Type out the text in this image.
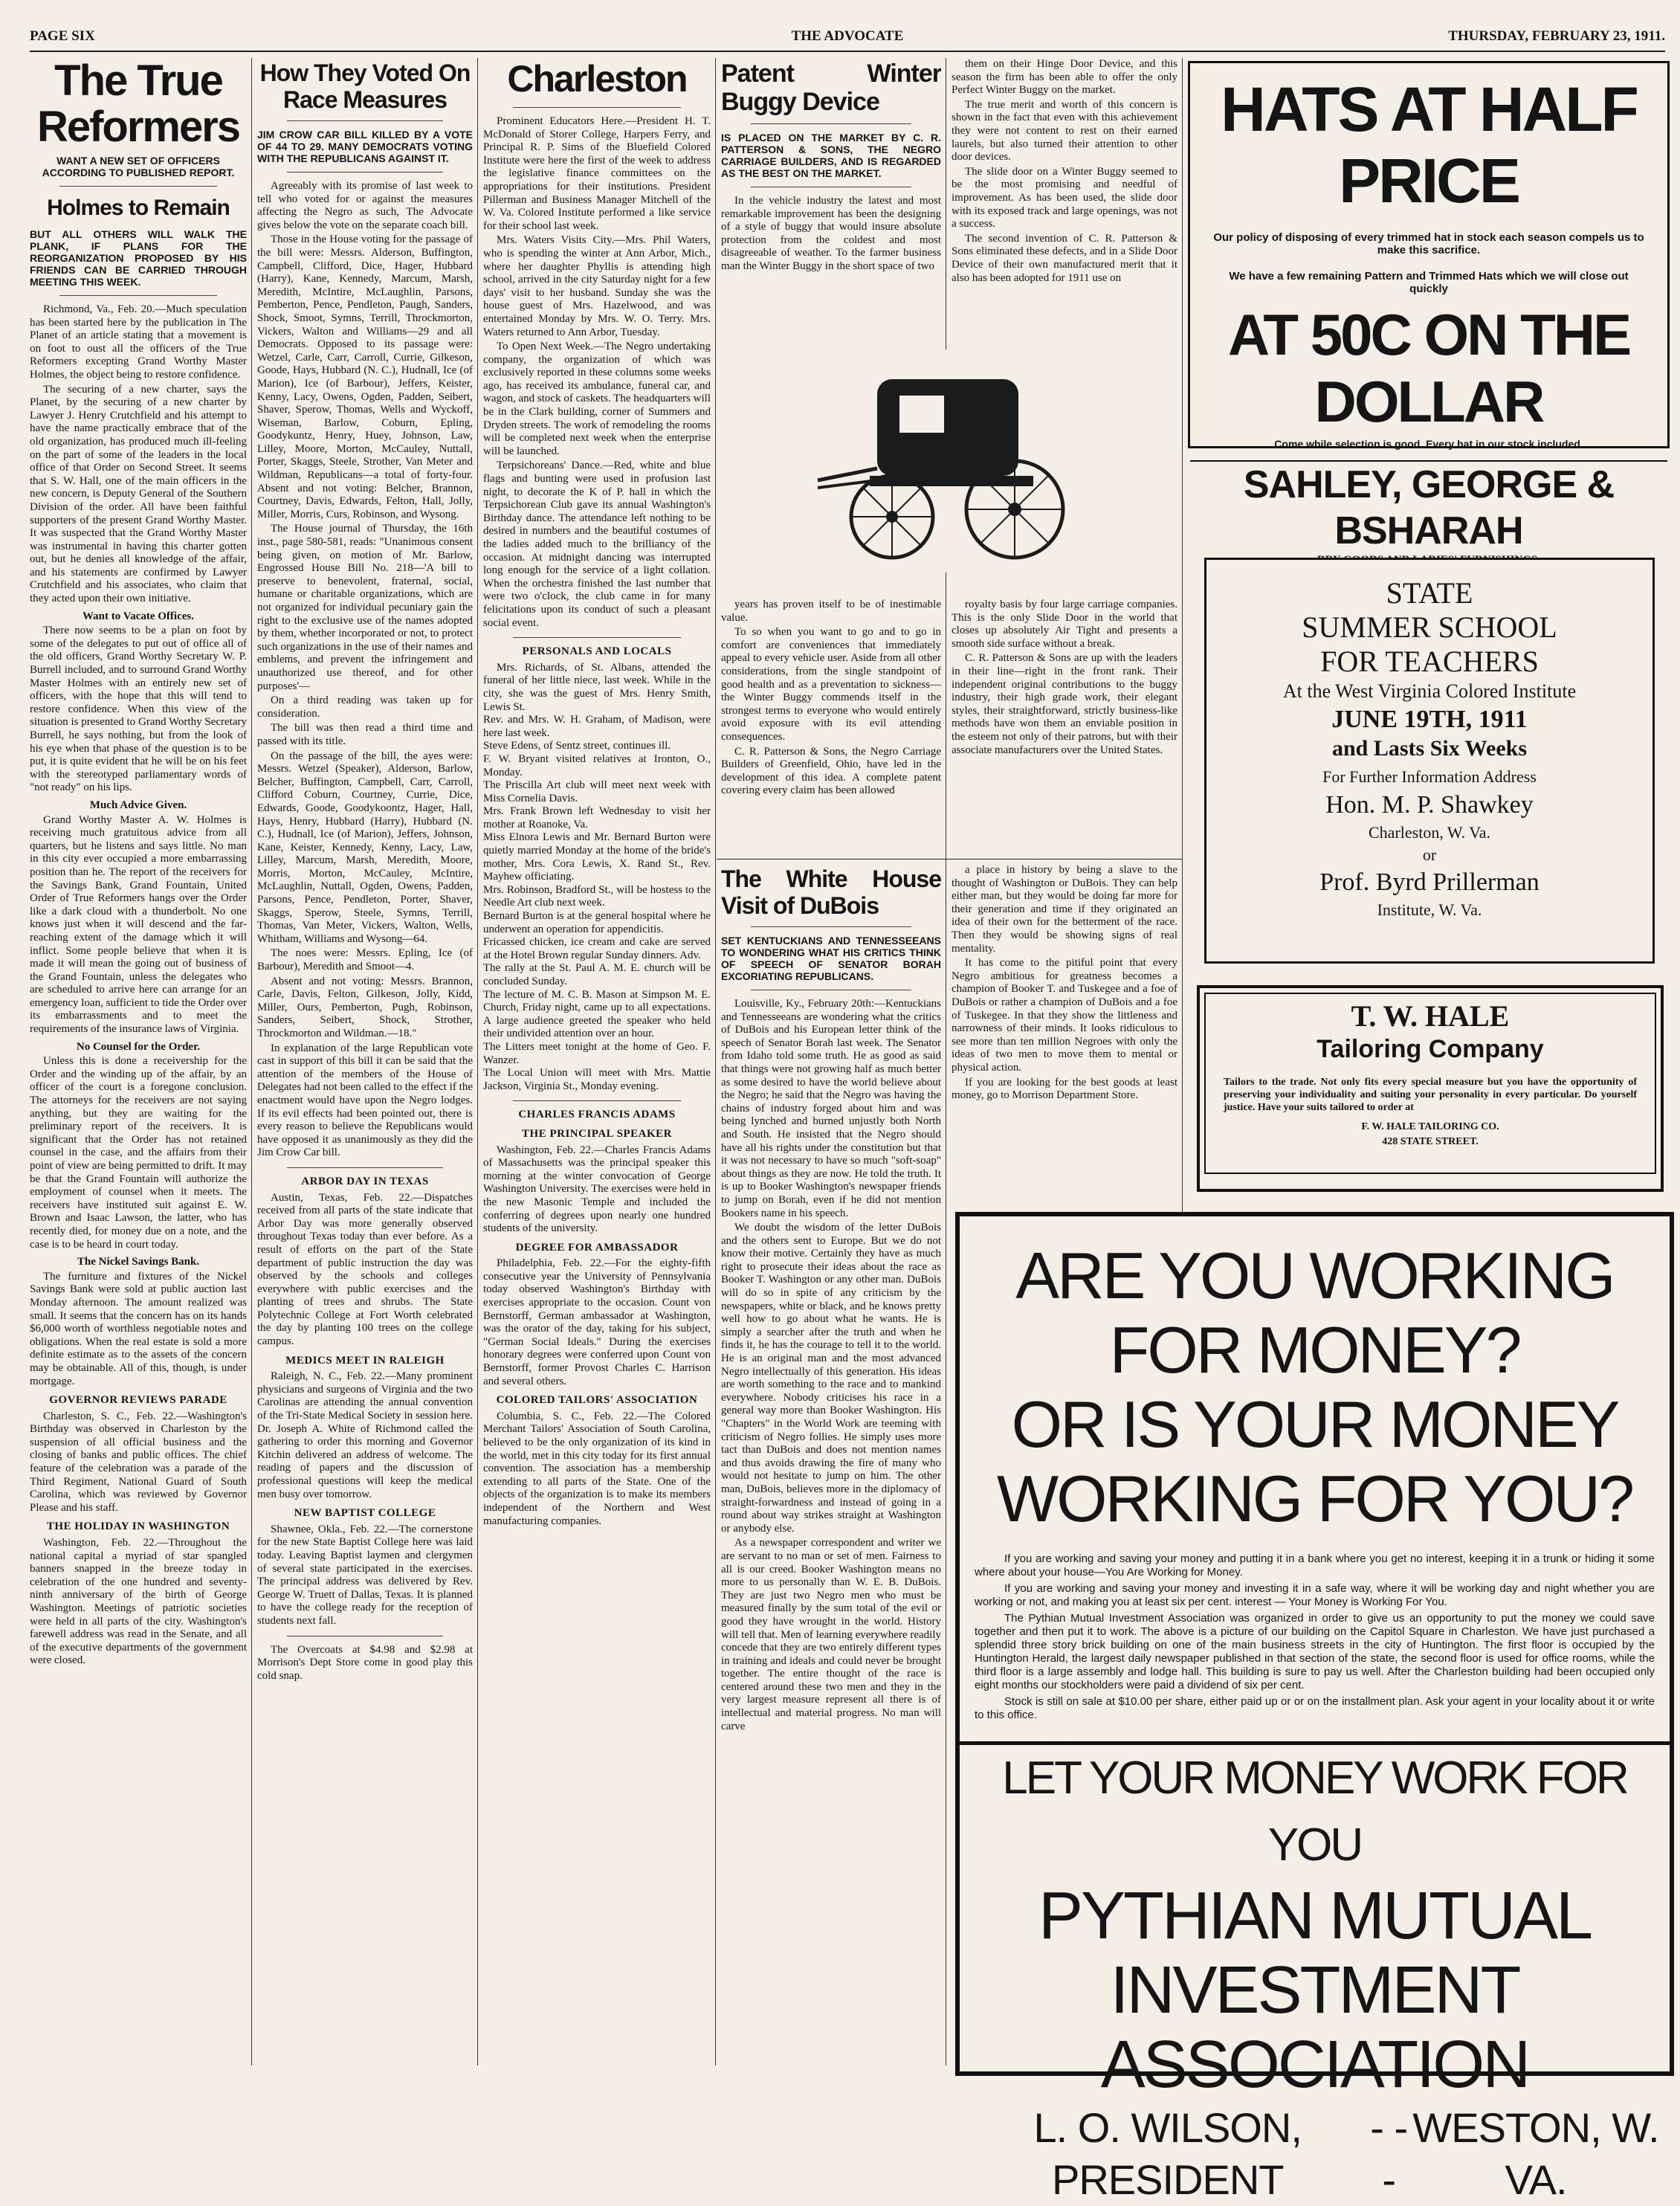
PAGE SIX	THE ADVOCATE	THURSDAY, FEBRUARY 23, 1911.
The True Reformers
WANT A NEW SET OF OFFICERS ACCORDING TO PUBLISHED REPORT.
Holmes to Remain
BUT ALL OTHERS WILL WALK THE PLANK, IF PLANS FOR THE REORGANIZATION PROPOSED BY HIS FRIENDS CAN BE CARRIED THROUGH MEETING THIS WEEK.

Richmond, Va., Feb. 20.—Much speculation has been started here by the publication in The Planet of an article stating that a movement is on foot to oust all the officers of the True Reformers excepting Grand Worthy Master Holmes, the object being to restore confidence.

The securing of a new charter, says the Planet, by the securing of a new charter by Lawyer J. Henry Crutchfield and his attempt to have the name practically embrace that of the old organization, has produced much ill-feeling on the part of some of the leaders in the local office of that Order on Second Street. It seems that S. W. Hall, one of the main officers in the new concern, is Deputy General of the Southern Division of the order. All have been faithful supporters of the present Grand Worthy Master. It was suspected that the Grand Worthy Master was instrumental in having this charter gotten out, but he denies all knowledge of the affair, and his statements are confirmed by Lawyer Crutchfield and his associates, who claim that they acted upon their own initiative.

Want to Vacate Offices.

There now seems to be a plan on foot by some of the delegates to put out of office all of the old officers, Grand Worthy Secretary W. P. Burrell included, and to surround Grand Worthy Master Holmes with an entirely new set of officers, with the hope that this will tend to restore confidence. When this view of the situation is presented to Grand Worthy Secretary Burrell, he says nothing, but from the look of his eye when that phase of the question is to be put, it is quite evident that he will be on his feet with the stereotyped parliamentary words of "not ready" on his lips.

Much Advice Given.

Grand Worthy Master A. W. Holmes is receiving much gratuitous advice from all quarters, but he listens and says little. No man in this city ever occupied a more embarrassing position than he. The report of the receivers for the Savings Bank, Grand Fountain, United Order of True Reformers hangs over the Order like a dark cloud with a thunderbolt. No one knows just when it will descend and the far-reaching extent of the damage which it will inflict. Some people believe that when it is made it will mean the going out of business of the Grand Fountain, unless the delegates who are scheduled to arrive here can arrange for an emergency loan, sufficient to tide the Order over its embarrassments and to meet the requirements of the insurance laws of Virginia.

No Counsel for the Order.

Unless this is done a receivership for the Order and the winding up of the affair, by an officer of the court is a foregone conclusion. The attorneys for the receivers are not saying anything, but they are waiting for the preliminary report of the receivers. It is significant that the Order has not retained counsel in the case, and the affairs from their point of view are being permitted to drift. It may be that the Grand Fountain will authorize the employment of counsel when it meets. The receivers have instituted suit against E. W. Brown and Isaac Lawson, the latter, who has recently died, for money due on a note, and the case is to be heard in court today.

The Nickel Savings Bank.

The furniture and fixtures of the Nickel Savings Bank were sold at public auction last Monday afternoon. The amount realized was small. It seems that the concern has on its hands $6,000 worth of worthless negotiable notes and obligations. When the real estate is sold a more definite estimate as to the assets of the concern may be obtainable. All of this, though, is under mortgage.

GOVERNOR REVIEWS PARADE

Charleston, S. C., Feb. 22.—Washington's Birthday was observed in Charleston by the suspension of all official business and the closing of banks and public offices. The chief feature of the celebration was a parade of the Third Regiment, National Guard of South Carolina, which was reviewed by Governor Please and his staff.

THE HOLIDAY IN WASHINGTON

Washington, Feb. 22.—Throughout the national capital a myriad of star spangled banners snapped in the breeze today in celebration of the one hundred and seventy-ninth anniversary of the birth of George Washington. Meetings of patriotic societies were held in all parts of the city. Washington's farewell address was read in the Senate, and all of the executive departments of the government were closed.

How They Voted On Race Measures
JIM CROW CAR BILL KILLED BY A VOTE OF 44 TO 29. MANY DEMOCRATS VOTING WITH THE REPUBLICANS AGAINST IT.

Agreeably with its promise of last week to tell who voted for or against the measures affecting the Negro as such, The Advocate gives below the vote on the separate coach bill.

Those in the House voting for the passage of the bill were: Messrs. Alderson, Buffington, Campbell, Clifford, Dice, Hager, Hubbard (Harry), Kane, Kennedy, Marcum, Marsh, Meredith, McIntire, McLaughlin, Parsons, Pemberton, Pence, Pendleton, Paugh, Sanders, Shock, Smoot, Symns, Terrill, Throckmorton, Vickers, Walton and Williams—29 and all Democrats. Opposed to its passage were: Wetzel, Carle, Carr, Carroll, Currie, Gilkeson, Goode, Hays, Hubbard (N. C.), Hudnall, Ice (of Marion), Ice (of Barbour), Jeffers, Keister, Kenny, Lacy, Owens, Ogden, Padden, Seibert, Shaver, Sperow, Thomas, Wells and Wyckoff, Wiseman, Barlow, Coburn, Epling, Goodykuntz, Henry, Huey, Johnson, Law, Lilley, Moore, Morton, McCauley, Nuttall, Porter, Skaggs, Steele, Strother, Van Meter and Wildman, Republicans—a total of forty-four. Absent and not voting: Belcher, Brannon, Courtney, Davis, Edwards, Felton, Hall, Jolly, Miller, Morris, Curs, Robinson, and Wysong.

The House journal of Thursday, the 16th inst., page 580-581, reads: "Unanimous consent being given, on motion of Mr. Barlow, Engrossed House Bill No. 218—'A bill to preserve to benevolent, fraternal, social, humane or charitable organizations, which are not organized for individual pecuniary gain the right to the exclusive use of the names adopted by them, whether incorporated or not, to protect such organizations in the use of their names and emblems, and prevent the infringement and unauthorized use thereof, and for other purposes'—

On a third reading was taken up for consideration.

The bill was then read a third time and passed with its title.

On the passage of the bill, the ayes were: Messrs. Wetzel (Speaker), Alderson, Barlow, Belcher, Buffington, Campbell, Carr, Carroll, Clifford Coburn, Courtney, Currie, Dice, Edwards, Goode, Goodykoontz, Hager, Hall, Hays, Henry, Hubbard (Harry), Hubbard (N. C.), Hudnall, Ice (of Marion), Jeffers, Johnson, Kane, Keister, Kennedy, Kenny, Lacy, Law, Lilley, Marcum, Marsh, Meredith, Moore, Morris, Morton, McCauley, McIntire, McLaughlin, Nuttall, Ogden, Owens, Padden, Parsons, Pence, Pendleton, Porter, Shaver, Skaggs, Sperow, Steele, Symns, Terrill, Thomas, Van Meter, Vickers, Walton, Wells, Whitham, Williams and Wysong—64.

The noes were: Messrs. Epling, Ice (of Barbour), Meredith and Smoot—4.

Absent and not voting: Messrs. Brannon, Carle, Davis, Felton, Gilkeson, Jolly, Kidd, Miller, Ours, Pemberton, Pugh, Robinson, Sanders, Seibert, Shock, Strother, Throckmorton and Wildman.—18."

In explanation of the large Republican vote cast in support of this bill it can be said that the attention of the members of the House of Delegates had not been called to the effect if the enactment would have upon the Negro lodges. If its evil effects had been pointed out, there is every reason to believe the Republicans would have opposed it as unanimously as they did the Jim Crow Car bill.

ARBOR DAY IN TEXAS

Austin, Texas, Feb. 22.—Dispatches received from all parts of the state indicate that Arbor Day was more generally observed throughout Texas today than ever before. As a result of efforts on the part of the State department of public instruction the day was observed by the schools and colleges everywhere with public exercises and the planting of trees and shrubs. The State Polytechnic College at Fort Worth celebrated the day by planting 100 trees on the college campus.

MEDICS MEET IN RALEIGH

Raleigh, N. C., Feb. 22.—Many prominent physicians and surgeons of Virginia and the two Carolinas are attending the annual convention of the Tri-State Medical Society in session here. Dr. Joseph A. White of Richmond called the gathering to order this morning and Governor Kitchin delivered an address of welcome. The reading of papers and the discussion of professional questions will keep the medical men busy over tomorrow.

NEW BAPTIST COLLEGE

Shawnee, Okla., Feb. 22.—The cornerstone for the new State Baptist College here was laid today. Leaving Baptist laymen and clergymen of several state participated in the exercises. The principal address was delivered by Rev. George W. Truett of Dallas, Texas. It is planned to have the college ready for the reception of students next fall.

The Overcoats at $4.98 and $2.98 at Morrison's Dept Store come in good play this cold snap.

Charleston

Prominent Educators Here.—President H. T. McDonald of Storer College, Harpers Ferry, and Principal R. P. Sims of the Bluefield Colored Institute were here the first of the week to address the legislative finance committees on the appropriations for their institutions. President Pillerman and Business Manager Mitchell of the W. Va. Colored Institute performed a like service for their school last week.

Mrs. Waters Visits City.—Mrs. Phil Waters, who is spending the winter at Ann Arbor, Mich., where her daughter Phyllis is attending high school, arrived in the city Saturday night for a few days' visit to her husband. Sunday she was the house guest of Mrs. Hazelwood, and was entertained Monday by Mrs. W. O. Terry. Mrs. Waters returned to Ann Arbor, Tuesday.

To Open Next Week.—The Negro undertaking company, the organization of which was exclusively reported in these columns some weeks ago, has received its ambulance, funeral car, and wagon, and stock of caskets. The headquarters will be in the Clark building, corner of Summers and Dryden streets. The work of remodeling the rooms will be completed next week when the enterprise will be launched.

Terpsichoreans' Dance.—Red, white and blue flags and bunting were used in profusion last night, to decorate the K of P. hall in which the Terpsichorean Club gave its annual Washington's Birthday dance. The attendance left nothing to be desired in numbers and the beautiful costumes of the ladies added much to the brilliancy of the occasion. At midnight dancing was interrupted long enough for the service of a light collation. When the orchestra finished the last number that were two o'clock, the club came in for many felicitations upon its conduct of such a pleasant social event.

PERSONALS AND LOCALS

Mrs. Richards, of St. Albans, attended the funeral of her little niece, last week. While in the city, she was the guest of Mrs. Henry Smith, Lewis St.
Rev. and Mrs. W. H. Graham, of Madison, were here last week.
Steve Edens, of Sentz street, continues ill.
F. W. Bryant visited relatives at Ironton, O., Monday.
The Priscilla Art club will meet next week with Miss Cornelia Davis.
Mrs. Frank Brown left Wednesday to visit her mother at Roanoke, Va.
Miss Elnora Lewis and Mr. Bernard Burton were quietly married Monday at the home of the bride's mother, Mrs. Cora Lewis, X. Rand St., Rev. Mayhew officiating.
Mrs. Robinson, Bradford St., will be hostess to the Needle Art club next week.
Bernard Burton is at the general hospital where he underwent an operation for appendicitis.
Fricassed chicken, ice cream and cake are served at the Hotel Brown regular Sunday dinners. Adv.
The rally at the St. Paul A. M. E. church will be concluded Sunday.
The lecture of M. C. B. Mason at Simpson M. E. Church, Friday night, came up to all expectations. A large audience greeted the speaker who held their undivided attention over an hour.
The Litters meet tonight at the home of Geo. F. Wanzer.
The Local Union will meet with Mrs. Mattie Jackson, Virginia St., Monday evening.

CHARLES FRANCIS ADAMS
THE PRINCIPAL SPEAKER

Washington, Feb. 22.—Charles Francis Adams of Massachusetts was the principal speaker this morning at the winter convocation of George Washington University. The exercises were held in the new Masonic Temple and included the conferring of degrees upon nearly one hundred students of the university.

DEGREE FOR AMBASSADOR

Philadelphia, Feb. 22.—For the eighty-fifth consecutive year the University of Pennsylvania today observed Washington's Birthday with exercises appropriate to the occasion. Count von Bernstorff, German ambassador at Washington, was the orator of the day, taking for his subject, "German Social Ideals." During the exercises honorary degrees were conferred upon Count von Bernstorff, former Provost Charles C. Harrison and several others.

COLORED TAILORS' ASSOCIATION

Columbia, S. C., Feb. 22.—The Colored Merchant Tailors' Association of South Carolina, believed to be the only organization of its kind in the world, met in this city today for its first annual convention. The association has a membership extending to all parts of the State. One of the objects of the organization is to make its members independent of the Northern and West manufacturing companies.

Patent Winter Buggy Device
IS PLACED ON THE MARKET BY C. R. PATTERSON & SONS, THE NEGRO CARRIAGE BUILDERS, AND IS REGARDED AS THE BEST ON THE MARKET.

In the vehicle industry the latest and most remarkable improvement has been the designing of a style of buggy that would insure absolute protection from the coldest and most disagreeable of weather. To the farmer business man the Winter Buggy in the short space of two

them on their Hinge Door Device, and this season the firm has been able to offer the only Perfect Winter Buggy on the market.

The true merit and worth of this concern is shown in the fact that even with this achievement they were not content to rest on their earned laurels, but also turned their attention to other door devices.

The slide door on a Winter Buggy seemed to be the most promising and needful of improvement. As has been used, the slide door with its exposed track and large openings, was not a success.

The second invention of C. R. Patterson & Sons eliminated these defects, and in a Slide Door Device of their own manufactured merit that it also has been adopted for 1911 use on

years has proven itself to be of inestimable value.

To so when you want to go and to go in comfort are conveniences that immediately appeal to every vehicle user. Aside from all other considerations, from the single standpoint of good health and as a preventation to sickness—the Winter Buggy commends itself in the strongest terms to everyone who would entirely avoid exposure with its evil attending consequences.

C. R. Patterson & Sons, the Negro Carriage Builders of Greenfield, Ohio, have led in the development of this idea. A complete patent covering every claim has been allowed

royalty basis by four large carriage companies. This is the only Slide Door in the world that closes up absolutely Air Tight and presents a smooth side surface without a break.

C. R. Patterson & Sons are up with the leaders in their line—right in the front rank. Their independent original contributions to the buggy industry, their high grade work, their elegant styles, their straightforward, strictly business-like methods have won them an enviable position in the esteem not only of their patrons, but with their associate manufacturers over the United States.

The White House Visit of DuBois
SET KENTUCKIANS AND TENNESSEEANS TO WONDERING WHAT HIS CRITICS THINK OF SPEECH OF SENATOR BORAH EXCORIATING REPUBLICANS.

Louisville, Ky., February 20th:—Kentuckians and Tennesseeans are wondering what the critics of DuBois and his European letter think of the speech of Senator Borah last week. The Senator from Idaho told some truth. He as good as said that things were not growing half as much better as some desired to have the world believe about the Negro; he said that the Negro was having the chains of industry forged about him and was being lynched and burned unjustly both North and South. He insisted that the Negro should have all his rights under the constitution but that it was not necessary to have so much "soft-soap" about things as they are now. He told the truth. It is up to Booker Washington's newspaper friends to jump on Borah, even if he did not mention Bookers name in his speech.

We doubt the wisdom of the letter DuBois and the others sent to Europe. But we do not know their motive. Certainly they have as much right to prosecute their ideas about the race as Booker T. Washington or any other man. DuBois will do so in spite of any criticism by the newspapers, white or black, and he knows pretty well how to go about what he wants. He is simply a searcher after the truth and when he finds it, he has the courage to tell it to the world. He is an original man and the most advanced Negro intellectually of this generation. His ideas are worth something to the race and to mankind everywhere. Nobody criticises his race in a general way more than Booker Washington. His "Chapters" in the World Work are teeming with criticism of Negro follies. He simply uses more tact than DuBois and does not mention names and thus avoids drawing the fire of many who would not hesitate to jump on him. The other man, DuBois, believes more in the diplomacy of straight-forwardness and instead of going in a round about way strikes straight at Washington or anybody else.

As a newspaper correspondent and writer we are servant to no man or set of men. Fairness to all is our creed. Booker Washington means no more to us personally than W. E. B. DuBois. They are just two Negro men who must be measured finally by the sum total of the evil or good they have wrought in the world. History will tell that. Men of learning everywhere readily concede that they are two entirely different types in training and ideals and could never be brought together. The entire thought of the race is centered around these two men and they in the very largest measure represent all there is of intellectual and material progress. No man will carve

a place in history by being a slave to the thought of Washington or DuBois. They can help either man, but they would be doing far more for their generation and time if they originated an idea of their own for the betterment of the race. Then they would be showing signs of real mentality.

It has come to the pitiful point that every Negro ambitious for greatness becomes a champion of Booker T. and Tuskegee and a foe of DuBois or rather a champion of DuBois and a foe of Tuskegee. In that they show the littleness and narrowness of their minds. It looks ridiculous to see more than ten million Negroes with only the ideas of two men to move them to mental or physical action.

If you are looking for the best goods at least money, go to Morrison Department Store.

HATS AT HALF PRICE
Our policy of disposing of every trimmed hat in stock each season compels us to make this sacrifice.
We have a few remaining Pattern and Trimmed Hats which we will close out quickly
AT 50C ON THE DOLLAR
Come while selection is good. Every hat in our stock included.
SAHLEY, GEORGE & BSHARAH
STATE
SUMMER SCHOOL
FOR TEACHERS
At the West Virginia Colored Institute
JUNE 19TH, 1911
and Lasts Six Weeks
For Further Information Address
Hon. M. P. Shawkey
Charleston, W. Va.
or
Prof. Byrd Prillerman
Institute, W. Va.
T. W. HALE
Tailoring Company
Tailors to the trade. Not only fits every special measure but you have the opportunity of preserving your individuality and suiting your personality in every particular. Do yourself justice. Have your suits tailored to order at
F. W. HALE TAILORING CO.
428 STATE STREET.
ARE YOU WORKING FOR MONEY?
OR IS YOUR MONEY WORKING FOR YOU?
If you are working and saving your money and putting it in a bank where you get no interest, keeping it in a trunk or hiding it some where about your house—You Are Working for Money.
If you are working and saving your money and investing it in a safe way, where it will be working day and night whether you are working or not, and making you at least six per cent. interest — Your Money is Working For You.
The Pythian Mutual Investment Association was organized in order to give us an opportunity to put the money we could save together and then put it to work. The above is a picture of our building on the Capitol Square in Charleston. We have just purchased a splendid three story brick building on one of the main business streets in the city of Huntington. The first floor is occupied by the Huntington Herald, the largest daily newspaper published in that section of the state, the second floor is used for office rooms, while the third floor is a large assembly and lodge hall. This building is sure to pay us well. After the Charleston building had been occupied only eight months our stockholders were paid a dividend of six per cent.
Stock is still on sale at $10.00 per share, either paid up or or on the installment plan. Ask your agent in your locality about it or write to this office.
LET YOUR MONEY WORK FOR YOU
PYTHIAN MUTUAL INVESTMENT
ASSOCIATION
L. O. WILSON, PRESIDENT
- - -
WESTON, W. VA.
